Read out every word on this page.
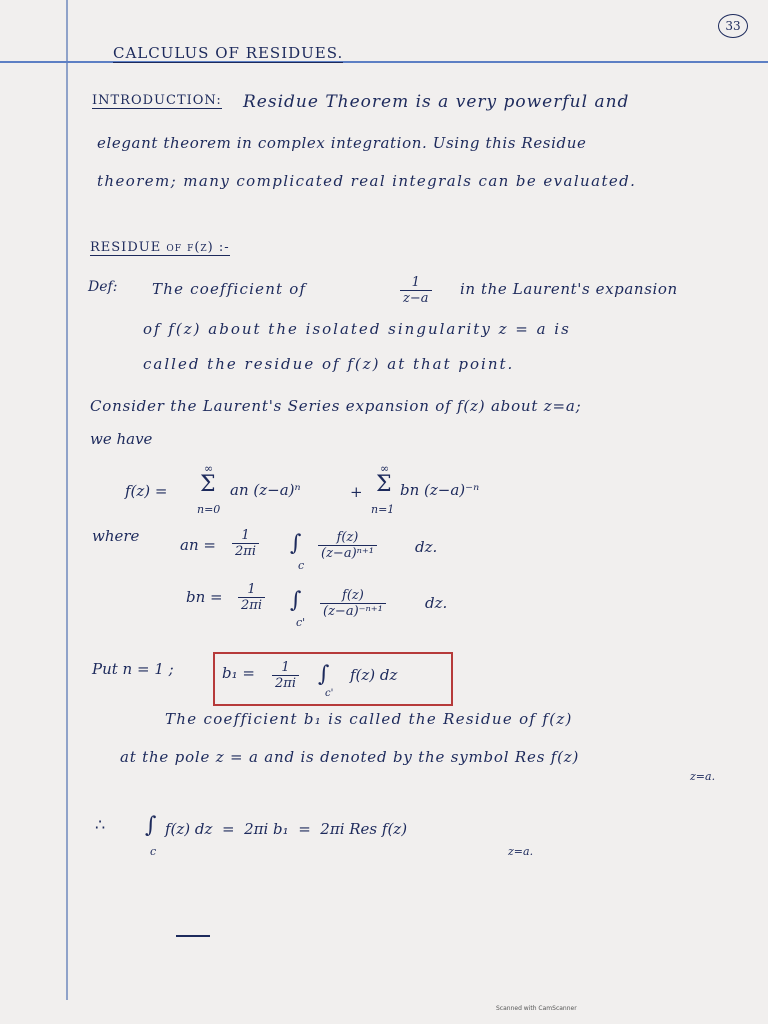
33
CALCULUS OF RESIDUES.
INTRODUCTION: Residue Theorem is a very powerful and
elegant theorem in complex integration. Using this Residue
theorem; many complicated real integrals can be evaluated.
RESIDUE of f(z) :-
Def: The coefficient of	$\frac{1}{z-a}$ in the Laurent's expansion
of f(z) about the isolated singularity z = a is
called the residue of f(z) at that point.
Consider the Laurent's Series expansion of f(z) about z=a;
we have
f(z) =
∞
Σ
n=0
an (z−a)ⁿ	+
∞
Σ
n=1
bn (z−a)⁻ⁿ
where	an = $\frac{1}{2\pi i}$ ∫
c
$\frac{f(z)}{\text{(z−a)ⁿ⁺¹}}$	dz.
bn = $\frac{1}{2\pi i}$ ∫
c'
$\frac{f(z)}{\text{(z−a)⁻ⁿ⁺¹}}$	dz.
Put n = 1 ;	$b_1 = \frac{1}{2\pi i}$ ∫
c'
f(z) dz
The coefficient b₁ is called the Residue of f(z)
at the pole z = a and is denoted by the symbol Res f(z)
z=a.
∴ ∫
c
f(z) dz  =  2πi b₁  =  2πi Res f(z)
z=a.
Scanned with CamScanner
